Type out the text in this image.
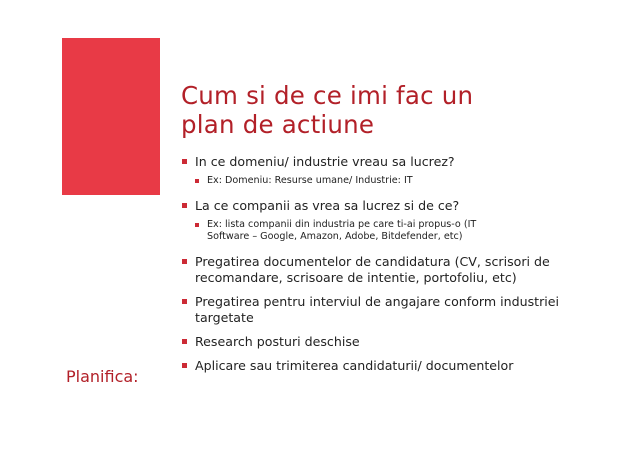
Cum si de ce imi fac un
plan de actiune
Planifica:
In ce domeniu/ industrie vreau sa lucrez?
Ex: Domeniu: Resurse umane/ Industrie: IT
La ce companii as vrea sa lucrez si de ce?
Ex: lista companii din industria pe care ti-ai propus-o (IT
Software – Google, Amazon, Adobe, Bitdefender, etc)
Pregatirea documentelor de candidatura (CV, scrisori de
recomandare, scrisoare de intentie, portofoliu, etc)
Pregatirea pentru interviul de angajare conform industriei
targetate
Research posturi deschise
Aplicare sau trimiterea candidaturii/ documentelor
